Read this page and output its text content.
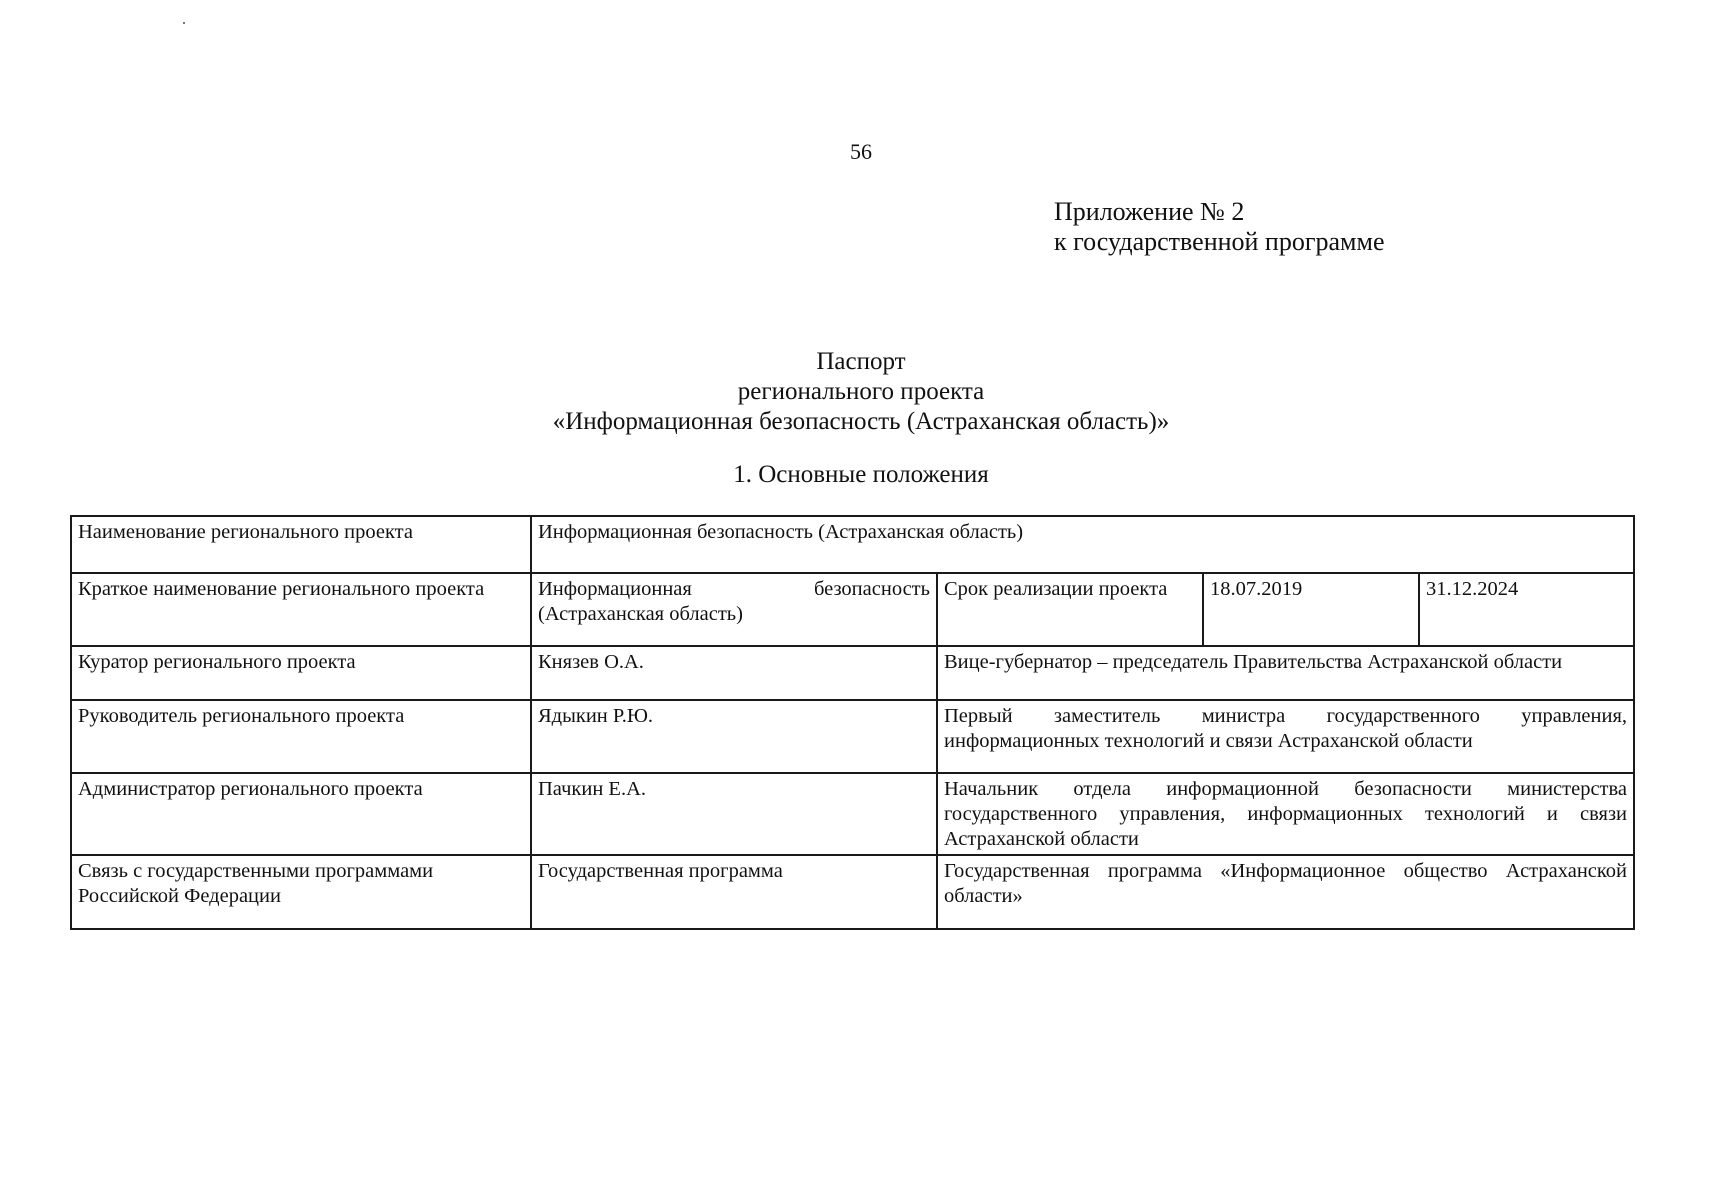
56
Приложение № 2
к государственной программе
Паспорт
регионального проекта
«Информационная безопасность (Астраханская область)»
1. Основные положения
Наименование регионального проекта	Информационная безопасность (Астраханская область)			
Краткое наименование регионального проекта	Информационная безопасность (Астраханская область)	Срок реализации проекта	18.07.2019	31.12.2024
Куратор регионального проекта	Князев О.А.	Вице-губернатор – председатель Правительства Астраханской области		
Руководитель регионального проекта	Ядыкин Р.Ю.	Первый заместитель министра государственного управления, информационных технологий и связи Астраханской области		
Администратор регионального проекта	Пачкин Е.А.	Начальник отдела информационной безопасности министерства государственного управления, информационных технологий и связи Астраханской области		
Связь с государственными программами Российской Федерации	Государственная программа	Государственная программа «Информационное общество Астраханской области»		
